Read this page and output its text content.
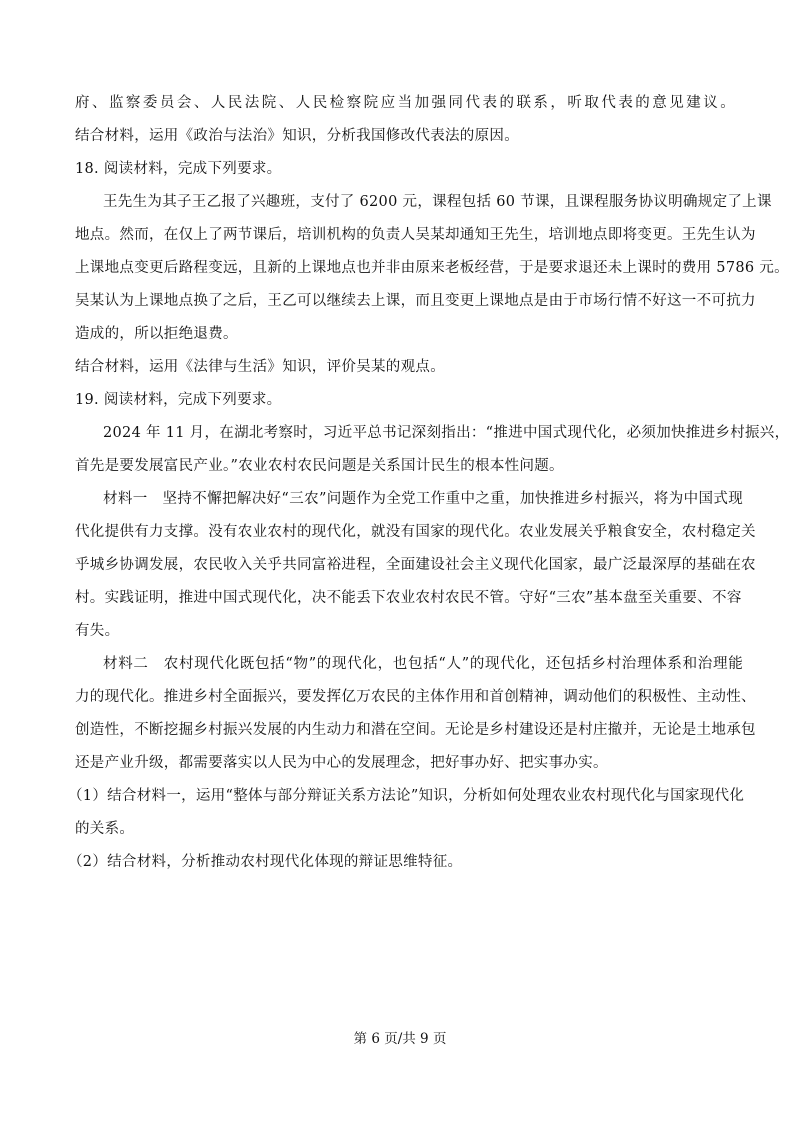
府、监察委员会、人民法院、人民检察院应当加强同代表的联系，听取代表的意见建议。
结合材料，运用《政治与法治》知识，分析我国修改代表法的原因。
18. 阅读材料，完成下列要求。
王先生为其子王乙报了兴趣班，支付了 6200 元，课程包括 60 节课，且课程服务协议明确规定了上课
地点。然而，在仅上了两节课后，培训机构的负责人吴某却通知王先生，培训地点即将变更。王先生认为
上课地点变更后路程变远，且新的上课地点也并非由原来老板经营，于是要求退还未上课时的费用 5786 元。
吴某认为上课地点换了之后，王乙可以继续去上课，而且变更上课地点是由于市场行情不好这一不可抗力
造成的，所以拒绝退费。
结合材料，运用《法律与生活》知识，评价吴某的观点。
19. 阅读材料，完成下列要求。
2024 年 11 月，在湖北考察时，习近平总书记深刻指出：“推进中国式现代化，必须加快推进乡村振兴，
首先是要发展富民产业。”农业农村农民问题是关系国计民生的根本性问题。
材料一　坚持不懈把解决好“三农”问题作为全党工作重中之重，加快推进乡村振兴，将为中国式现
代化提供有力支撑。没有农业农村的现代化，就没有国家的现代化。农业发展关乎粮食安全，农村稳定关
乎城乡协调发展，农民收入关乎共同富裕进程，全面建设社会主义现代化国家，最广泛最深厚的基础在农
村。实践证明，推进中国式现代化，决不能丢下农业农村农民不管。守好“三农”基本盘至关重要、不容
有失。
材料二　农村现代化既包括“物”的现代化，也包括“人”的现代化，还包括乡村治理体系和治理能
力的现代化。推进乡村全面振兴，要发挥亿万农民的主体作用和首创精神，调动他们的积极性、主动性、
创造性，不断挖掘乡村振兴发展的内生动力和潜在空间。无论是乡村建设还是村庄撤并，无论是土地承包
还是产业升级，都需要落实以人民为中心的发展理念，把好事办好、把实事办实。
（1）结合材料一，运用“整体与部分辩证关系方法论”知识，分析如何处理农业农村现代化与国家现代化
的关系。
（2）结合材料，分析推动农村现代化体现的辩证思维特征。
第 6 页/共 9 页
